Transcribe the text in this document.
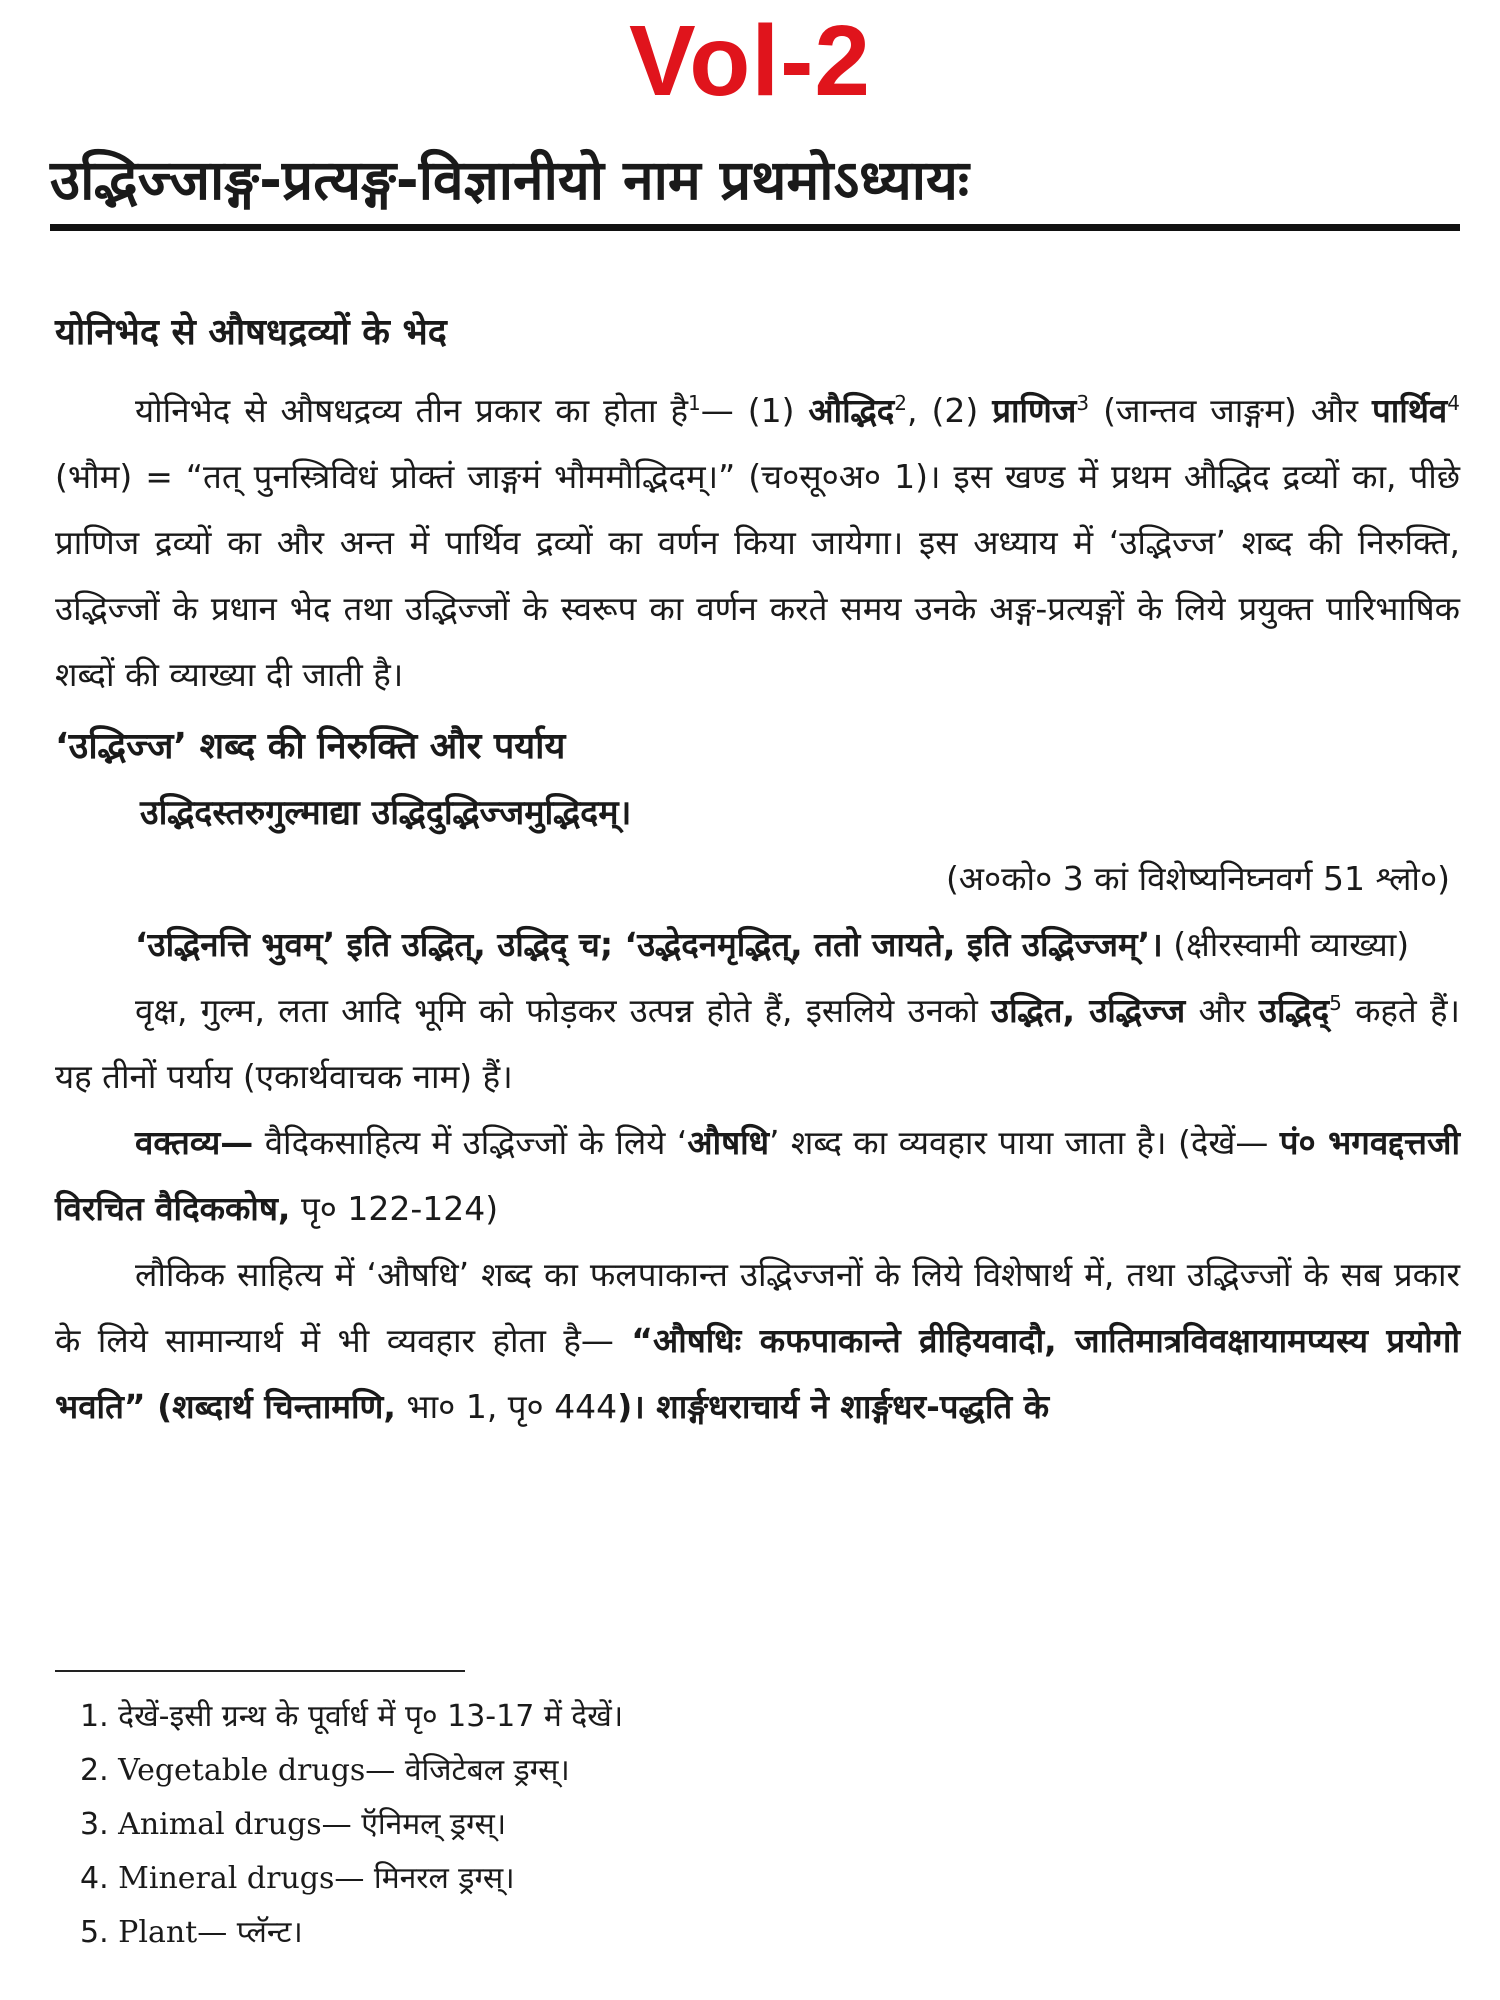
Vol-2
उद्भिज्जाङ्ग-प्रत्यङ्ग-विज्ञानीयो नाम प्रथमोऽध्यायः

योनिभेद से औषधद्रव्यों के भेद

योनिभेद से औषधद्रव्य तीन प्रकार का होता है$^1$— (1) औद्भिद$^2$, (2) प्राणिज$^3$ (जान्तव जाङ्गम) और पार्थिव$^4$ (भौम) = “तत् पुनस्त्रिविधं प्रोक्तं जाङ्गमं भौममौद्भिदम्।” (च०सू०अ० 1)। इस खण्ड में प्रथम औद्भिद द्रव्यों का, पीछे प्राणिज द्रव्यों का और अन्त में पार्थिव द्रव्यों का वर्णन किया जायेगा। इस अध्याय में ‘उद्भिज्ज’ शब्द की निरुक्ति, उद्भिज्जों के प्रधान भेद तथा उद्भिज्जों के स्वरूप का वर्णन करते समय उनके अङ्ग-प्रत्यङ्गों के लिये प्रयुक्त पारिभाषिक शब्दों की व्याख्या दी जाती है।

‘उद्भिज्ज’ शब्द की निरुक्ति और पर्याय

उद्भिदस्तरुगुल्माद्या उद्भिदुद्भिज्जमुद्भिदम्।

(अ०को० 3 कां विशेष्यनिघ्नवर्ग 51 श्लो०)

‘उद्भिनत्ति भुवम्’ इति उद्भित्, उद्भिद् च; ‘उद्भेदनमृद्भित्, ततो जायते, इति उद्भिज्जम्’। (क्षीरस्वामी व्याख्या)

वृक्ष, गुल्म, लता आदि भूमि को फोड़कर उत्पन्न होते हैं, इसलिये उनको उद्भित, उद्भिज्ज और उद्भिद्$^5$ कहते हैं। यह तीनों पर्याय (एकार्थवाचक नाम) हैं।

वक्तव्य— वैदिकसाहित्य में उद्भिज्जों के लिये ‘औषधि’ शब्द का व्यवहार पाया जाता है। (देखें— पं० भगवद्दत्तजी विरचित वैदिककोष, पृ० 122-124)

लौकिक साहित्य में ‘औषधि’ शब्द का फलपाकान्त उद्भिज्जनों के लिये विशेषार्थ में, तथा उद्भिज्जों के सब प्रकार के लिये सामान्यार्थ में भी व्यवहार होता है— “औषधिः कफपाकान्ते व्रीहियवादौ, जातिमात्रविवक्षायामप्यस्य प्रयोगो भवति” (शब्दार्थ चिन्तामणि, भा० 1, पृ० 444)। शार्ङ्गधराचार्य ने शार्ङ्गधर-पद्धति के

1. देखें-इसी ग्रन्थ के पूर्वार्ध में पृ० 13-17 में देखें।

2. Vegetable drugs— वेजिटेबल ड्रग्स्।

3. Animal drugs— ऍनिमल् ड्रग्स्।

4. Mineral drugs— मिनरल ड्रग्स्।

5. Plant— प्लॅन्ट।
